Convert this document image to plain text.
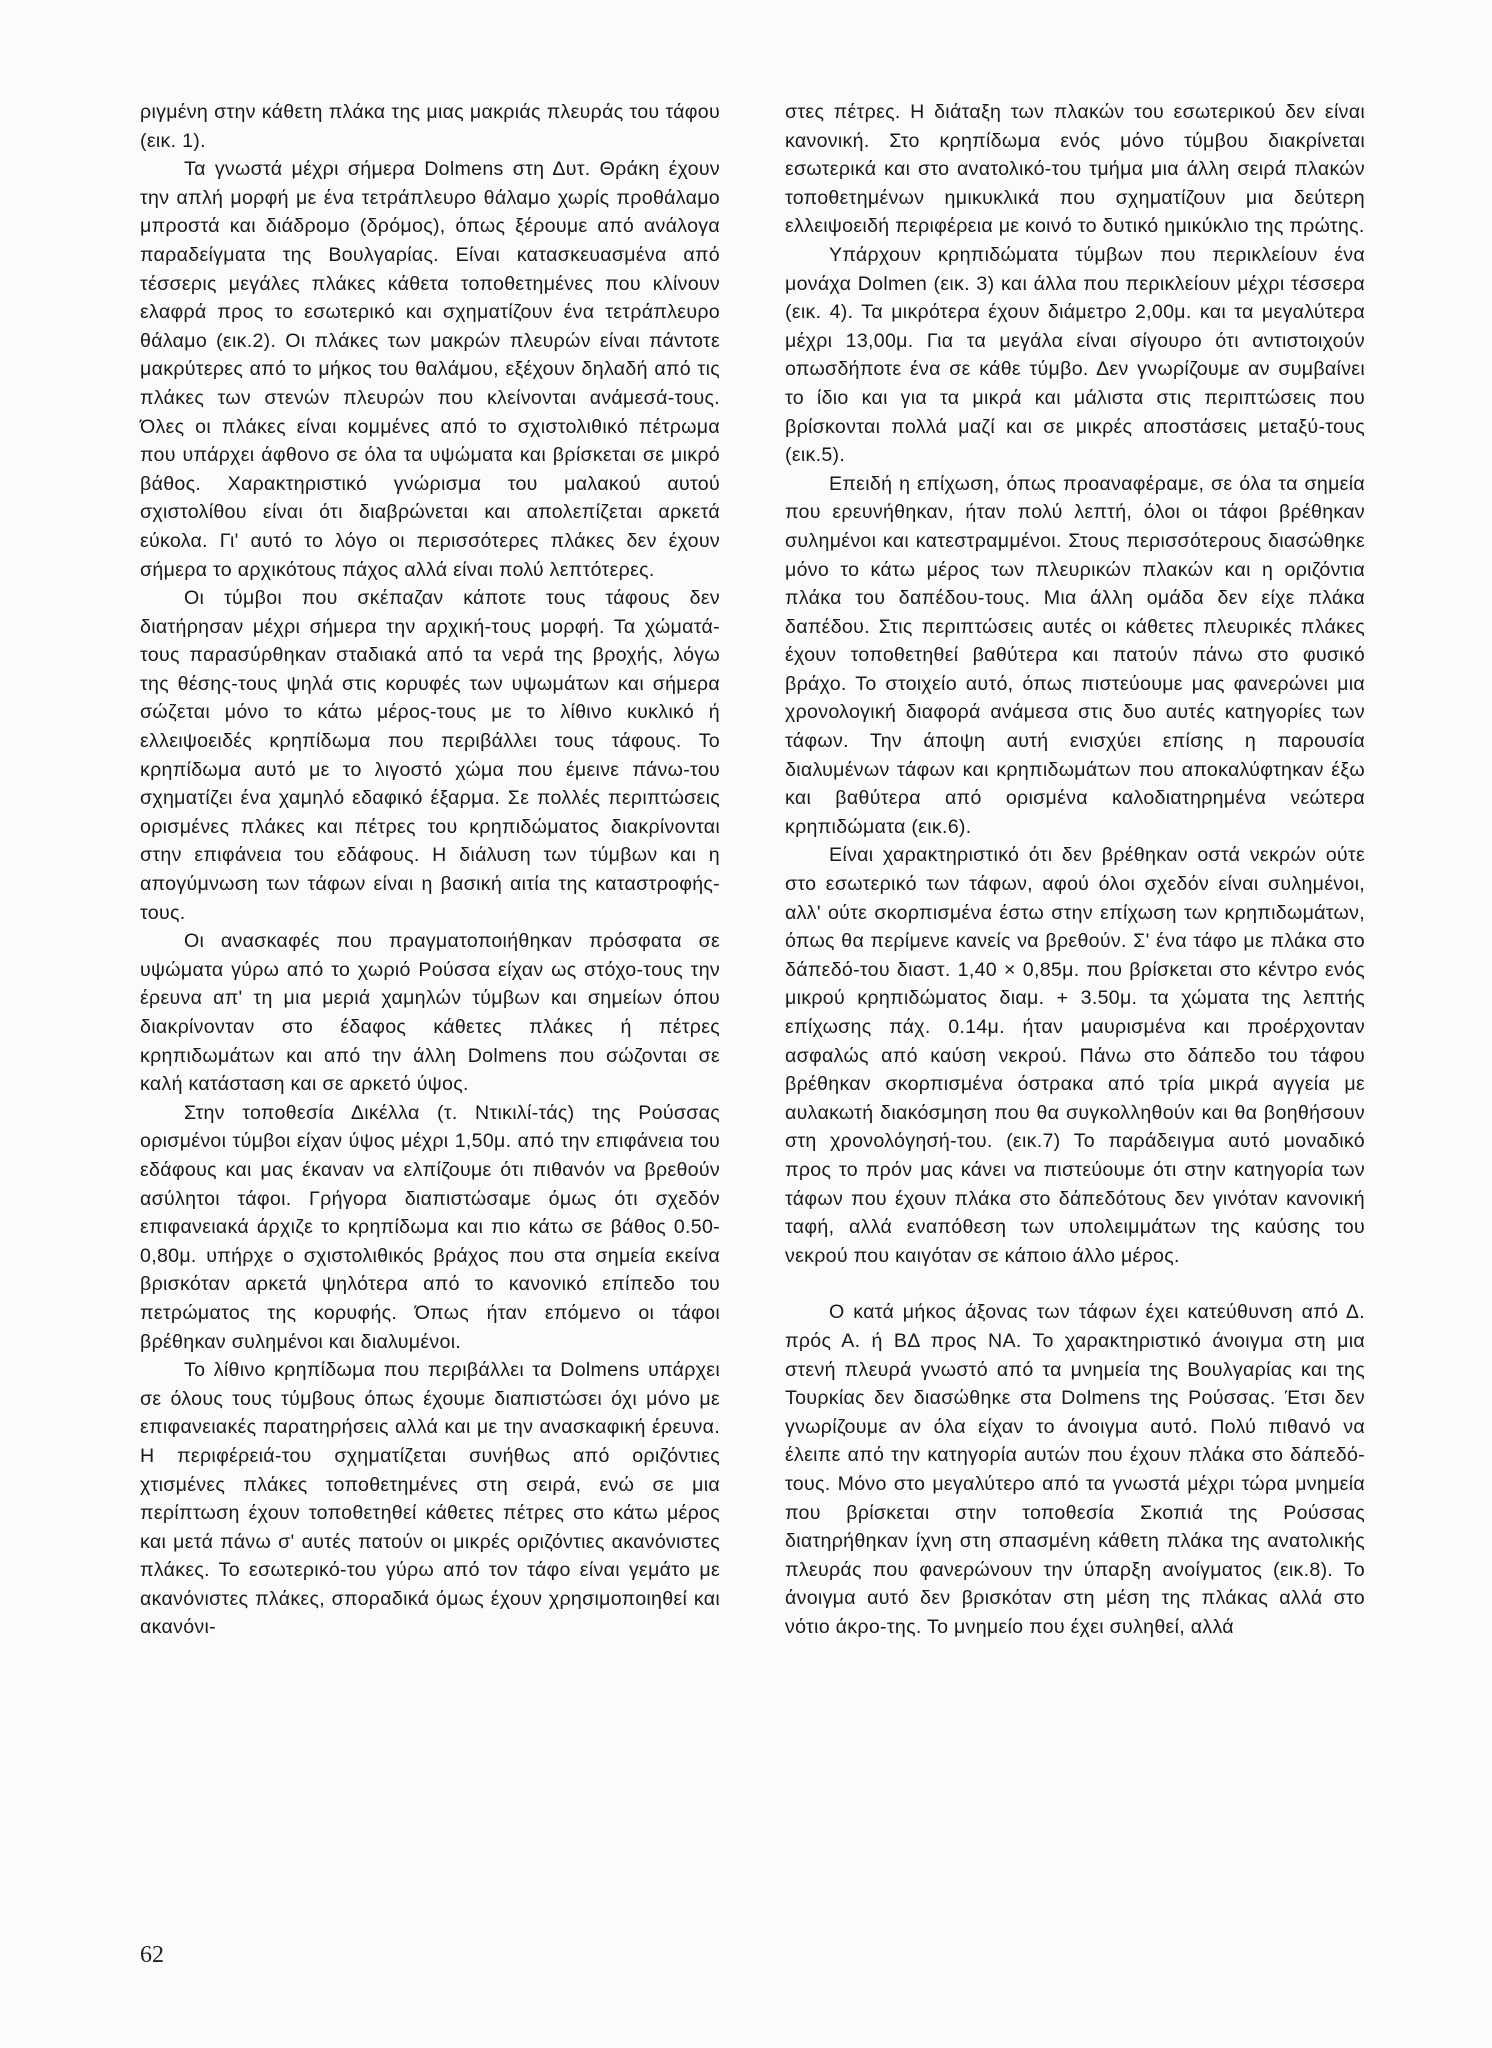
ριγμένη στην κάθετη πλάκα της μιας μακριάς πλευράς του τάφου (εικ. 1).

Τα γνωστά μέχρι σήμερα Dolmens στη Δυτ. Θράκη έχουν την απλή μορφή με ένα τετράπλευρο θάλαμο χωρίς προθάλαμο μπροστά και διάδρομο (δρόμος), όπως ξέρουμε από ανάλογα παραδείγματα της Βουλγαρίας. Είναι κατασκευασμένα από τέσσερις μεγάλες πλάκες κάθετα τοποθετημένες που κλίνουν ελαφρά προς το εσωτερικό και σχηματίζουν ένα τετράπλευρο θάλαμο (εικ.2). Οι πλάκες των μακρών πλευρών είναι πάντοτε μακρύτερες από το μήκος του θαλάμου, εξέχουν δηλαδή από τις πλάκες των στενών πλευρών που κλείνονται ανάμεσά-τους. Όλες οι πλάκες είναι κομμένες από το σχιστολιθικό πέτρωμα που υπάρχει άφθονο σε όλα τα υψώματα και βρίσκεται σε μικρό βάθος. Χαρακτηριστικό γνώρισμα του μαλακού αυτού σχιστολίθου είναι ότι διαβρώνεται και απολεπίζεται αρκετά εύκολα. Γι' αυτό το λόγο οι περισσότερες πλάκες δεν έχουν σήμερα το αρχικότους πάχος αλλά είναι πολύ λεπτότερες.

Οι τύμβοι που σκέπαζαν κάποτε τους τάφους δεν διατήρησαν μέχρι σήμερα την αρχική-τους μορφή. Τα χώματά-τους παρασύρθηκαν σταδιακά από τα νερά της βροχής, λόγω της θέσης-τους ψηλά στις κορυφές των υψωμάτων και σήμερα σώζεται μόνο το κάτω μέρος-τους με το λίθινο κυκλικό ή ελλειψοειδές κρηπίδωμα που περιβάλλει τους τάφους. Το κρηπίδωμα αυτό με το λιγοστό χώμα που έμεινε πάνω-του σχηματίζει ένα χαμηλό εδαφικό έξαρμα. Σε πολλές περιπτώσεις ορισμένες πλάκες και πέτρες του κρηπιδώματος διακρίνονται στην επιφάνεια του εδάφους. Η διάλυση των τύμβων και η απογύμνωση των τάφων είναι η βασική αιτία της καταστροφής-τους.

Οι ανασκαφές που πραγματοποιήθηκαν πρόσφατα σε υψώματα γύρω από το χωριό Ρούσσα είχαν ως στόχο-τους την έρευνα απ' τη μια μεριά χαμηλών τύμβων και σημείων όπου διακρίνονταν στο έδαφος κάθετες πλάκες ή πέτρες κρηπιδωμάτων και από την άλλη Dolmens που σώζονται σε καλή κατάσταση και σε αρκετό ύψος.

Στην τοποθεσία Δικέλλα (τ. Ντικιλί-τάς) της Ρούσσας ορισμένοι τύμβοι είχαν ύψος μέχρι 1,50μ. από την επιφάνεια του εδάφους και μας έκαναν να ελπίζουμε ότι πιθανόν να βρεθούν ασύλητοι τάφοι. Γρήγορα διαπιστώσαμε όμως ότι σχεδόν επιφανειακά άρχιζε το κρηπίδωμα και πιο κάτω σε βάθος 0.50-0,80μ. υπήρχε ο σχιστολιθικός βράχος που στα σημεία εκείνα βρισκόταν αρκετά ψηλότερα από το κανονικό επίπεδο του πετρώματος της κορυφής. Όπως ήταν επόμενο οι τάφοι βρέθηκαν συλημένοι και διαλυμένοι.

Το λίθινο κρηπίδωμα που περιβάλλει τα Dolmens υπάρχει σε όλους τους τύμβους όπως έχουμε διαπιστώσει όχι μόνο με επιφανειακές παρατηρήσεις αλλά και με την ανασκαφική έρευνα. Η περιφέρειά-του σχηματίζεται συνήθως από οριζόντιες χτισμένες πλάκες τοποθετημένες στη σειρά, ενώ σε μια περίπτωση έχουν τοποθετηθεί κάθετες πέτρες στο κάτω μέρος και μετά πάνω σ' αυτές πατούν οι μικρές οριζόντιες ακανόνιστες πλάκες. Το εσωτερικό-του γύρω από τον τάφο είναι γεμάτο με ακανόνιστες πλάκες, σποραδικά όμως έχουν χρησιμοποιηθεί και ακανόνι-

στες πέτρες. Η διάταξη των πλακών του εσωτερικού δεν είναι κανονική. Στο κρηπίδωμα ενός μόνο τύμβου διακρίνεται εσωτερικά και στο ανατολικό-του τμήμα μια άλλη σειρά πλακών τοποθετημένων ημικυκλικά που σχηματίζουν μια δεύτερη ελλειψοειδή περιφέρεια με κοινό το δυτικό ημικύκλιο της πρώτης.

Υπάρχουν κρηπιδώματα τύμβων που περικλείουν ένα μονάχα Dolmen (εικ. 3) και άλλα που περικλείουν μέχρι τέσσερα (εικ. 4). Τα μικρότερα έχουν διάμετρο 2,00μ. και τα μεγαλύτερα μέχρι 13,00μ. Για τα μεγάλα είναι σίγουρο ότι αντιστοιχούν οπωσδήποτε ένα σε κάθε τύμβο. Δεν γνωρίζουμε αν συμβαίνει το ίδιο και για τα μικρά και μάλιστα στις περιπτώσεις που βρίσκονται πολλά μαζί και σε μικρές αποστάσεις μεταξύ-τους (εικ.5).

Επειδή η επίχωση, όπως προαναφέραμε, σε όλα τα σημεία που ερευνήθηκαν, ήταν πολύ λεπτή, όλοι οι τάφοι βρέθηκαν συλημένοι και κατεστραμμένοι. Στους περισσότερους διασώθηκε μόνο το κάτω μέρος των πλευρικών πλακών και η οριζόντια πλάκα του δαπέδου-τους. Μια άλλη ομάδα δεν είχε πλάκα δαπέδου. Στις περιπτώσεις αυτές οι κάθετες πλευρικές πλάκες έχουν τοποθετηθεί βαθύτερα και πατούν πάνω στο φυσικό βράχο. Το στοιχείο αυτό, όπως πιστεύουμε μας φανερώνει μια χρονολογική διαφορά ανάμεσα στις δυο αυτές κατηγορίες των τάφων. Την άποψη αυτή ενισχύει επίσης η παρουσία διαλυμένων τάφων και κρηπιδωμάτων που αποκαλύφτηκαν έξω και βαθύτερα από ορισμένα καλοδιατηρημένα νεώτερα κρηπιδώματα (εικ.6).

Είναι χαρακτηριστικό ότι δεν βρέθηκαν οστά νεκρών ούτε στο εσωτερικό των τάφων, αφού όλοι σχεδόν είναι συλημένοι, αλλ' ούτε σκορπισμένα έστω στην επίχωση των κρηπιδωμάτων, όπως θα περίμενε κανείς να βρεθούν. Σ' ένα τάφο με πλάκα στο δάπεδό-του διαστ. 1,40 × 0,85μ. που βρίσκεται στο κέντρο ενός μικρού κρηπιδώματος διαμ. + 3.50μ. τα χώματα της λεπτής επίχωσης πάχ. 0.14μ. ήταν μαυρισμένα και προέρχονταν ασφαλώς από καύση νεκρού. Πάνω στο δάπεδο του τάφου βρέθηκαν σκορπισμένα όστρακα από τρία μικρά αγγεία με αυλακωτή διακόσμηση που θα συγκολληθούν και θα βοηθήσουν στη χρονολόγησή-του. (εικ.7) Το παράδειγμα αυτό μοναδικό προς το πρόν μας κάνει να πιστεύουμε ότι στην κατηγορία των τάφων που έχουν πλάκα στο δάπεδότους δεν γινόταν κανονική ταφή, αλλά εναπόθεση των υπολειμμάτων της καύσης του νεκρού που καιγόταν σε κάποιο άλλο μέρος.

Ο κατά μήκος άξονας των τάφων έχει κατεύθυνση από Δ. πρός Α. ή ΒΔ προς ΝΑ. Το χαρακτηριστικό άνοιγμα στη μια στενή πλευρά γνωστό από τα μνημεία της Βουλγαρίας και της Τουρκίας δεν διασώθηκε στα Dolmens της Ρούσσας. Έτσι δεν γνωρίζουμε αν όλα είχαν το άνοιγμα αυτό. Πολύ πιθανό να έλειπε από την κατηγορία αυτών που έχουν πλάκα στο δάπεδό-τους. Μόνο στο μεγαλύτερο από τα γνωστά μέχρι τώρα μνημεία που βρίσκεται στην τοποθεσία Σκοπιά της Ρούσσας διατηρήθηκαν ίχνη στη σπασμένη κάθετη πλάκα της ανατολικής πλευράς που φανερώνουν την ύπαρξη ανοίγματος (εικ.8). Το άνοιγμα αυτό δεν βρισκόταν στη μέση της πλάκας αλλά στο νότιο άκρο-της. Το μνημείο που έχει συληθεί, αλλά

62
